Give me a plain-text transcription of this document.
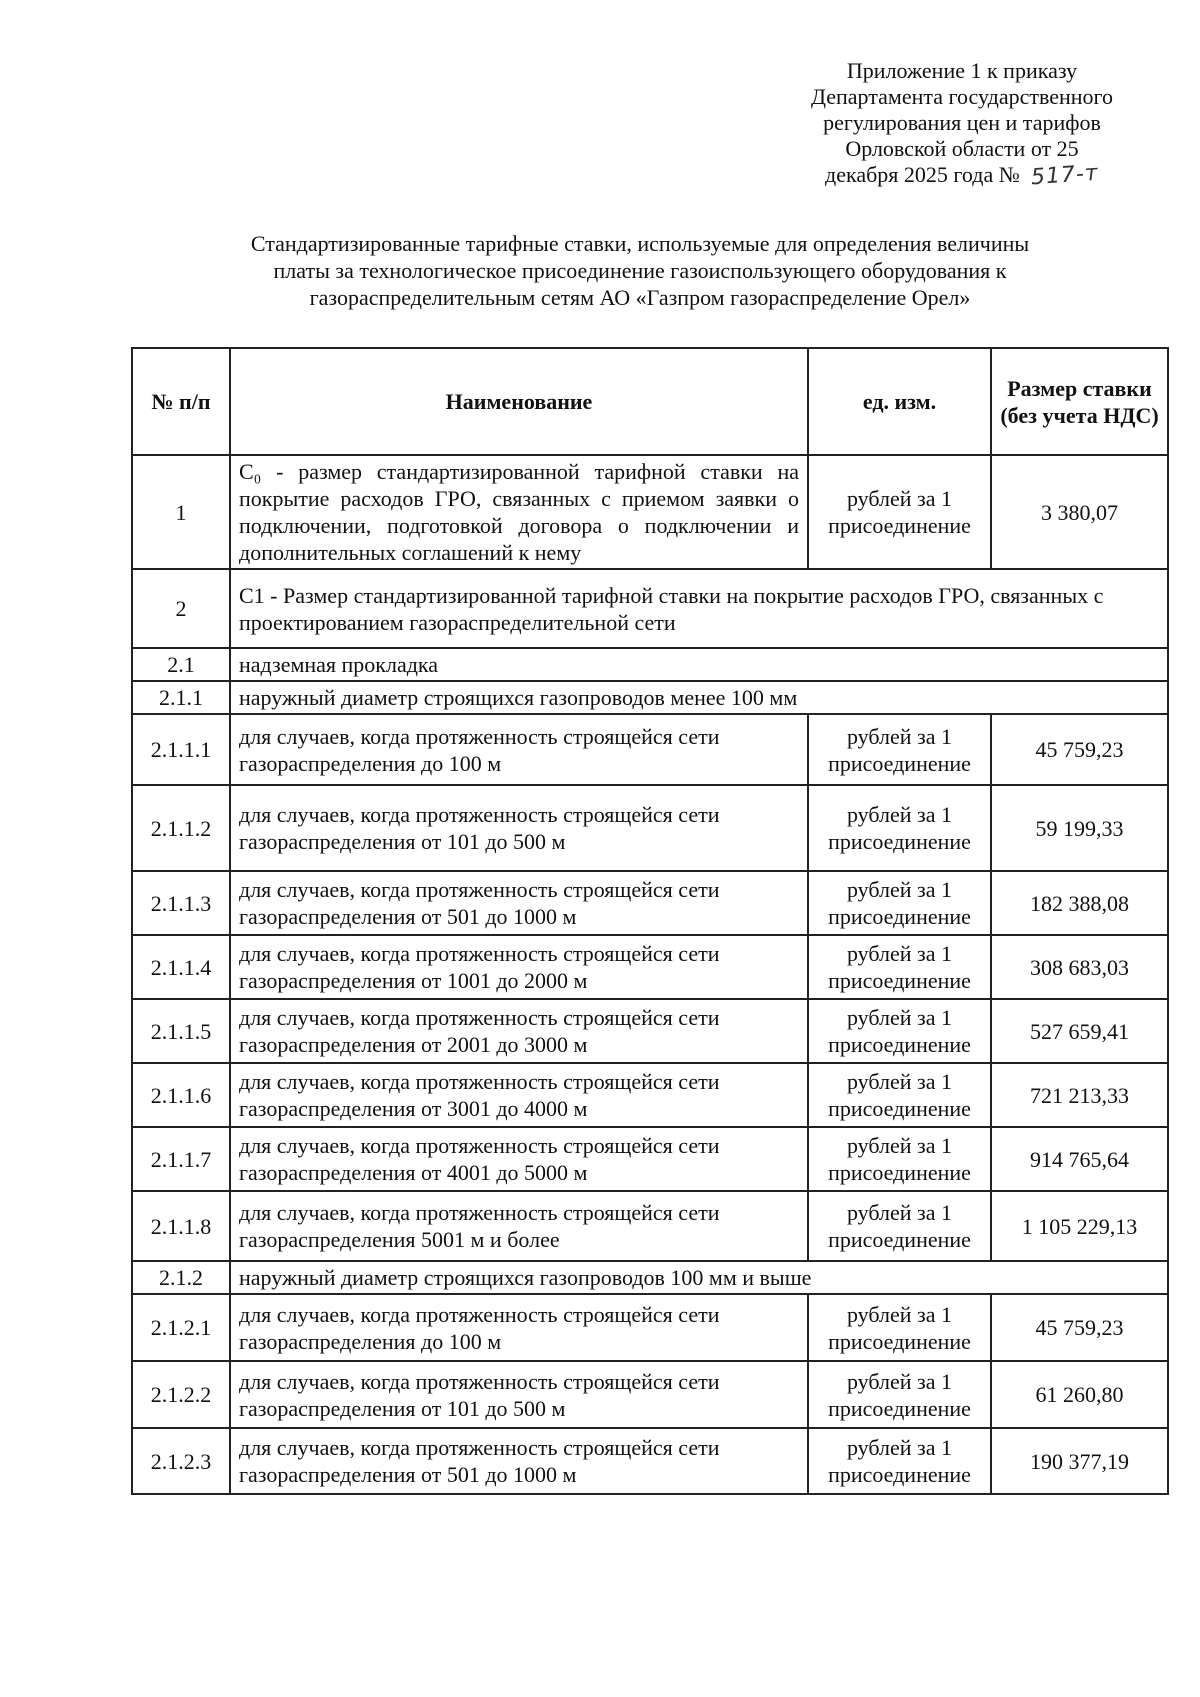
Приложение 1 к приказу
Департамента государственного
регулирования цен и тарифов
Орловской области от 25
декабря 2025 года № 517-т
Стандартизированные тарифные ставки, используемые для определения величины
платы за технологическое присоединение газоиспользующего оборудования к
газораспределительным сетям АО «Газпром газораспределение Орел»
№ п/п	Наименование	ед. изм.	Размер ставки (без учета НДС)
1	C₀ - размер стандартизированной тарифной ставки на покрытие расходов ГРО, связанных с приемом заявки о подключении, подготовкой договора о подключении и дополнительных соглашений к нему	рублей за 1 присоединение	3 380,07
2	С1 - Размер стандартизированной тарифной ставки на покрытие расходов ГРО, связанных с проектированием газораспределительной сети		
2.1	надземная прокладка		
2.1.1	наружный диаметр строящихся газопроводов менее 100 мм		
2.1.1.1	для случаев, когда протяженность строящейся сети газораспределения до 100 м	рублей за 1 присоединение	45 759,23
2.1.1.2	для случаев, когда протяженность строящейся сети газораспределения от 101 до 500 м	рублей за 1 присоединение	59 199,33
2.1.1.3	для случаев, когда протяженность строящейся сети газораспределения от 501 до 1000 м	рублей за 1 присоединение	182 388,08
2.1.1.4	для случаев, когда протяженность строящейся сети газораспределения от 1001 до 2000 м	рублей за 1 присоединение	308 683,03
2.1.1.5	для случаев, когда протяженность строящейся сети газораспределения от 2001 до 3000 м	рублей за 1 присоединение	527 659,41
2.1.1.6	для случаев, когда протяженность строящейся сети газораспределения от 3001 до 4000 м	рублей за 1 присоединение	721 213,33
2.1.1.7	для случаев, когда протяженность строящейся сети газораспределения от 4001 до 5000 м	рублей за 1 присоединение	914 765,64
2.1.1.8	для случаев, когда протяженность строящейся сети газораспределения 5001 м и более	рублей за 1 присоединение	1 105 229,13
2.1.2	наружный диаметр строящихся газопроводов 100 мм и выше		
2.1.2.1	для случаев, когда протяженность строящейся сети газораспределения до 100 м	рублей за 1 присоединение	45 759,23
2.1.2.2	для случаев, когда протяженность строящейся сети газораспределения от 101 до 500 м	рублей за 1 присоединение	61 260,80
2.1.2.3	для случаев, когда протяженность строящейся сети газораспределения от 501 до 1000 м	рублей за 1 присоединение	190 377,19
